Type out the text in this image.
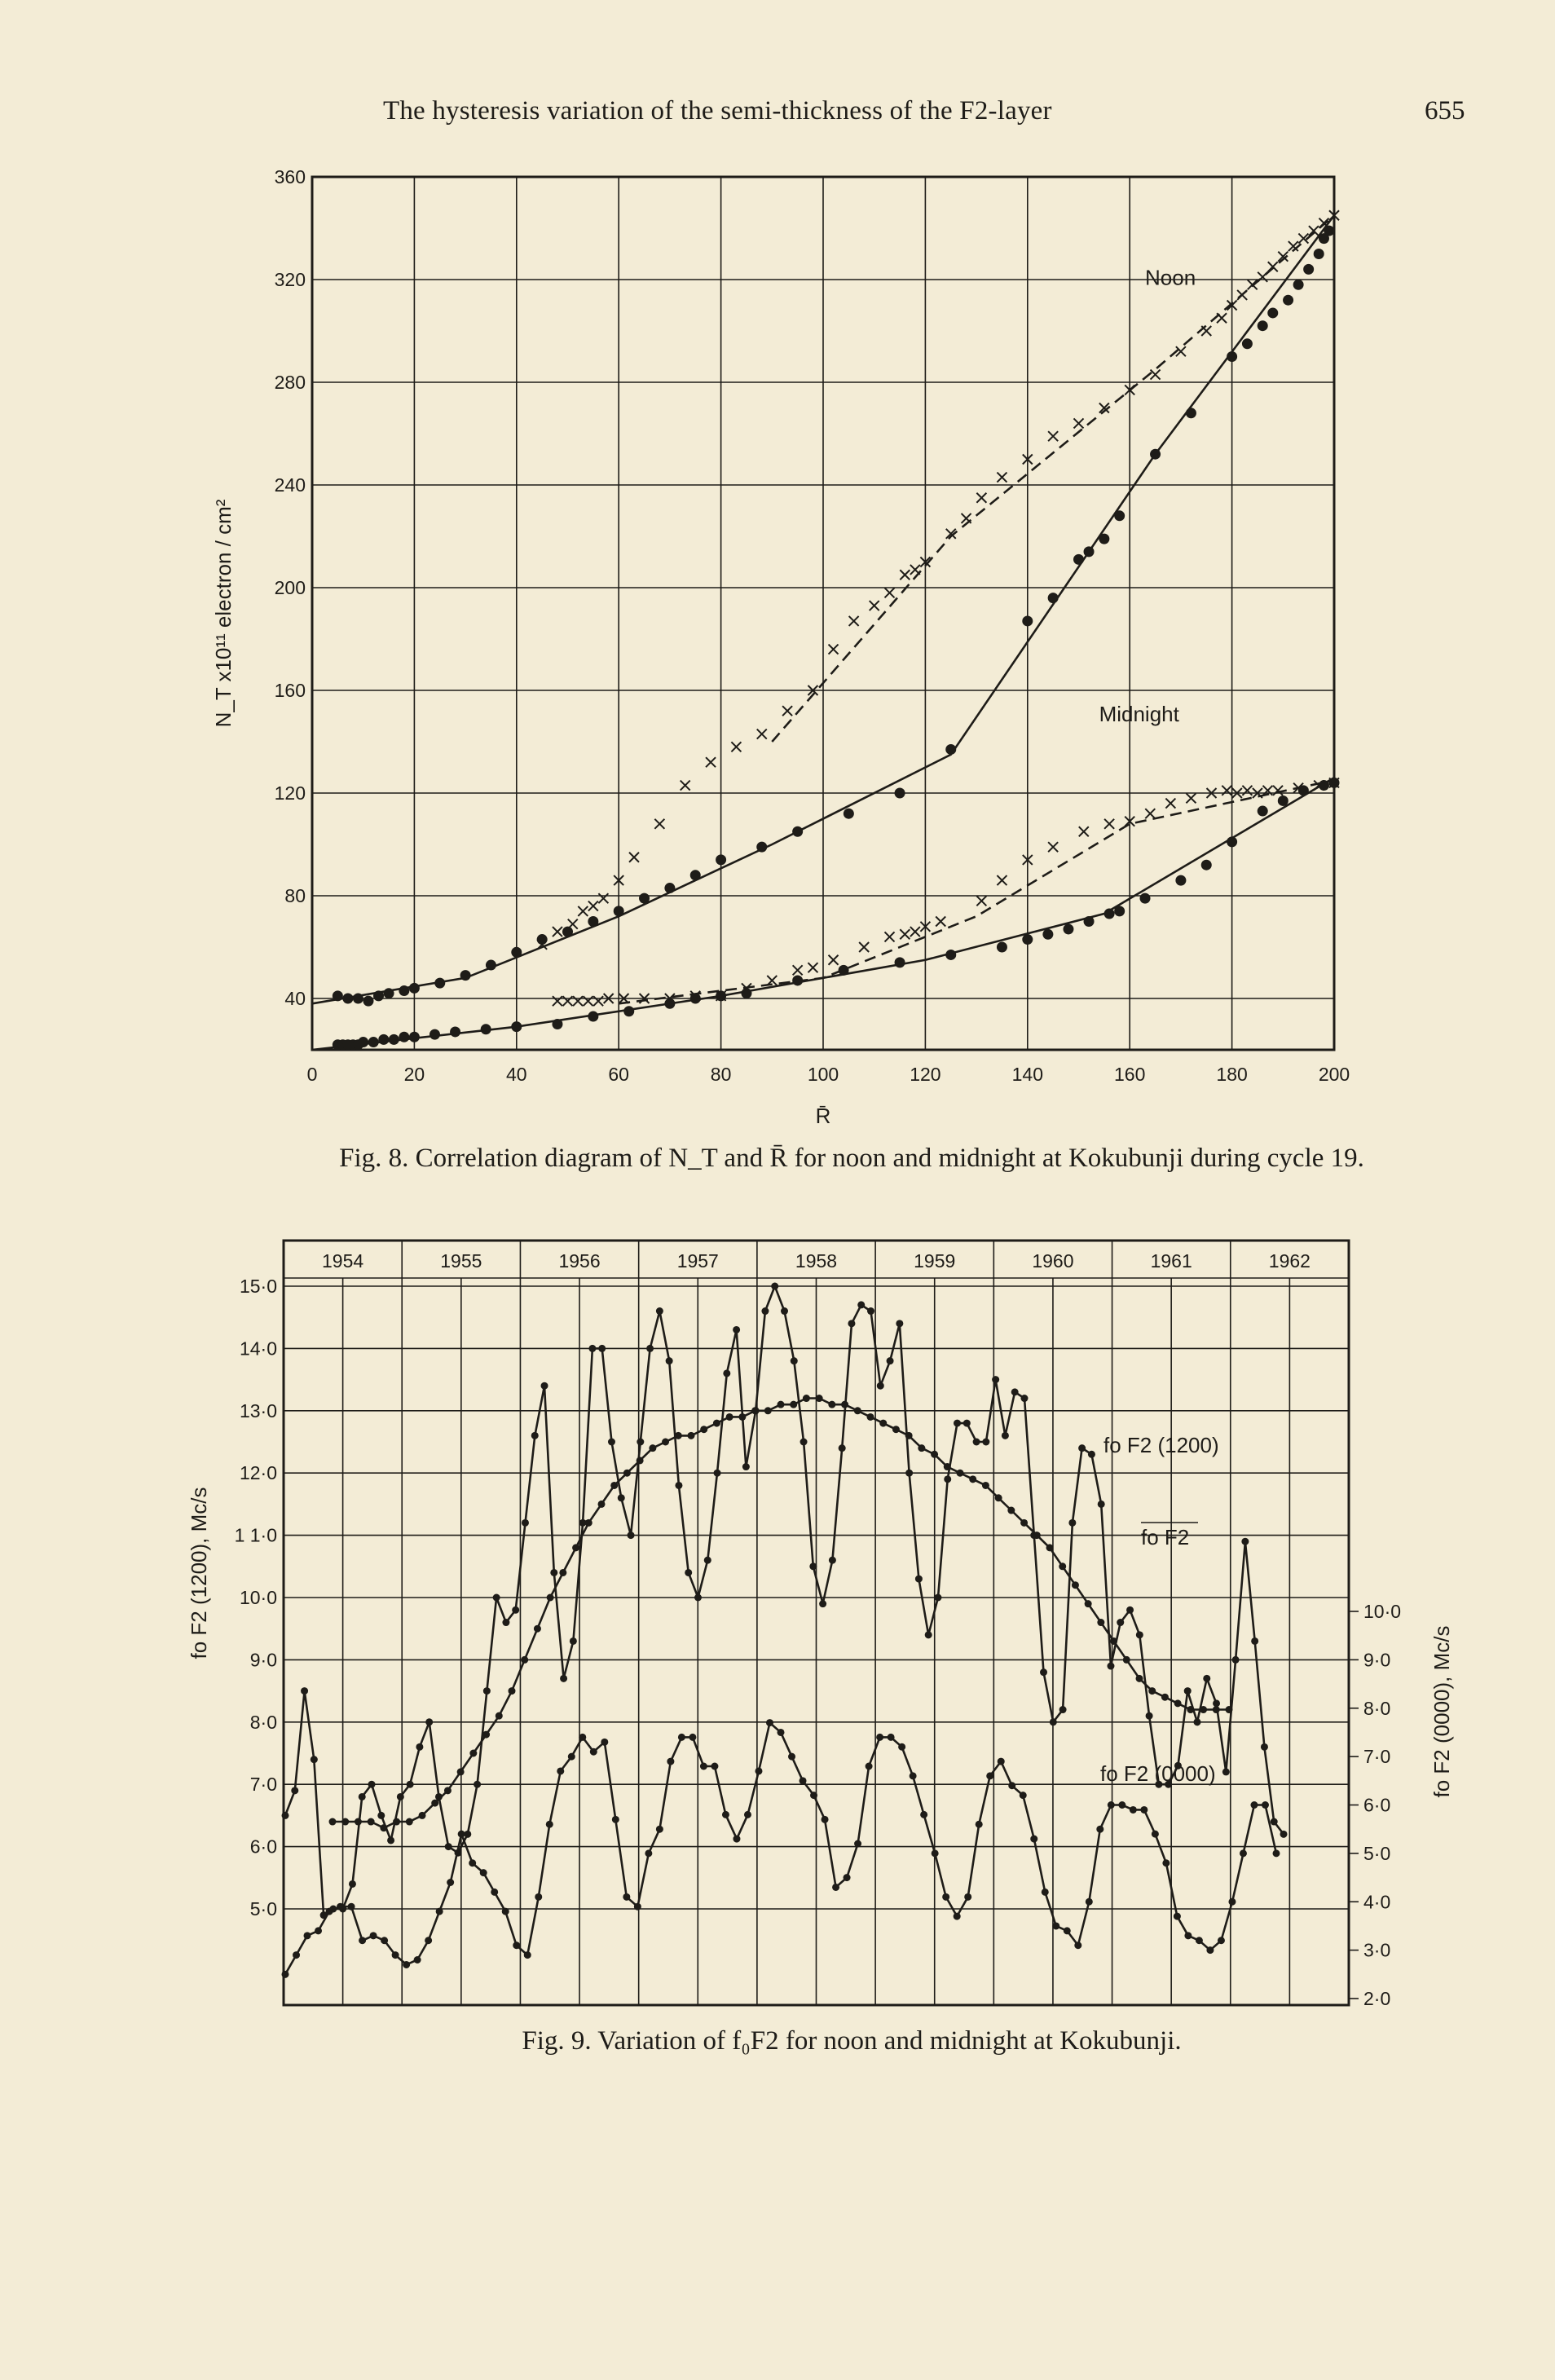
The hysteresis variation of the semi-thickness of the F2-layer	655
0	20	40	60	80	100	120	140	160	180	200
40
80
120
160
200
240
280
320
360
R̄
N_T x10¹¹ electron / cm²
Noon
Midnight
Fig. 8. Correlation diagram of N_T and R̄ for noon and midnight at Kokubunji during cycle 19.
1954	1955	1956	1957	1958	1959	1960	1961	1962
5·0
6·0
7·0
8·0
9·0
10·0
1 1·0
12·0
13·0
14·0
15·0
2·0
3·0
4·0
5·0
6·0
7·0
8·0
9·0
10·0
fo F2 (1200), Mc/s
fo F2 (0000), Mc/s
fo F2 (1200)
fo F2
fo F2 (0000)
Fig. 9. Variation of f₀F2 for noon and midnight at Kokubunji.
